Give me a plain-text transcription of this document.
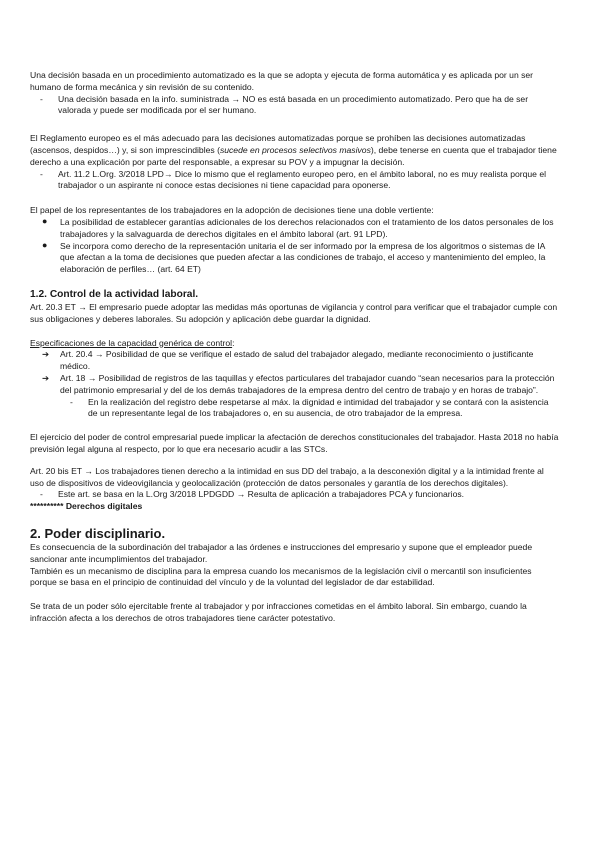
Una decisión basada en un procedimiento automatizado es la que se adopta y ejecuta de forma automática y es aplicada por un ser humano de forma mecánica y sin revisión de su contenido.

- Una decisión basada en la info. suministrada → NO es está basada en un procedimiento automatizado. Pero que ha de ser valorada y puede ser modificada por el ser humano.

El Reglamento europeo es el más adecuado para las decisiones automatizadas porque se prohíben las decisiones automatizadas (ascensos, despidos…) y, si son imprescindibles (sucede en procesos selectivos masivos), debe tenerse en cuenta que el trabajador tiene derecho a una explicación por parte del responsable, a expresar su POV y a impugnar la decisión.

- Art. 11.2 L.Org. 3/2018 LPD→ Dice lo mismo que el reglamento europeo pero, en el ámbito laboral, no es muy realista porque el trabajador o un aspirante ni conoce estas decisiones ni tiene capacidad para oponerse.

El papel de los representantes de los trabajadores en la adopción de decisiones tiene una doble vertiente:

● La posibilidad de establecer garantías adicionales de los derechos relacionados con el tratamiento de los datos personales de los trabajadores y la salvaguarda de derechos digitales en el ámbito laboral (art. 91 LPD).
● Se incorpora como derecho de la representación unitaria el de ser informado por la empresa de los algoritmos o sistemas de IA que afectan a la toma de decisiones que pueden afectar a las condiciones de trabajo, el acceso y mantenimiento del empleo, la elaboración de perfiles… (art. 64 ET)
1.2. Control de la actividad laboral.

Art. 20.3 ET → El empresario puede adoptar las medidas más oportunas de vigilancia y control para verificar que el trabajador cumple con sus obligaciones y deberes laborales. Su adopción y aplicación debe guardar la dignidad.

Especificaciones de la capacidad genérica de control:

➔ Art. 20.4 → Posibilidad de que se verifique el estado de salud del trabajador alegado, mediante reconocimiento o justificante médico.
➔ Art. 18 → Posibilidad de registros de las taquillas y efectos particulares del trabajador cuando “sean necesarios para la protección del patrimonio empresarial y del de los demás trabajadores de la empresa dentro del centro de trabajo y en horas de trabajo”.
- En la realización del registro debe respetarse al máx. la dignidad e intimidad del trabajador y se contará con la asistencia de un representante legal de los trabajadores o, en su ausencia, de otro trabajador de la empresa.

El ejercicio del poder de control empresarial puede implicar la afectación de derechos constitucionales del trabajador. Hasta 2018 no había previsión legal alguna al respecto, por lo que era necesario acudir a las STCs.

Art. 20 bis ET → Los trabajadores tienen derecho a la intimidad en sus DD del trabajo, a la desconexión digital y a la intimidad frente al uso de dispositivos de videovigilancia y geolocalización (protección de datos personales y garantía de los derechos digitales).

- Este art. se basa en la L.Org 3/2018 LPDGDD → Resulta de aplicación a trabajadores PCA y funcionarios.

********** Derechos digitales

2. Poder disciplinario.

Es consecuencia de la subordinación del trabajador a las órdenes e instrucciones del empresario y supone que el empleador puede sancionar ante incumplimientos del trabajador.

También es un mecanismo de disciplina para la empresa cuando los mecanismos de la legislación civil o mercantil son insuficientes porque se basa en el principio de continuidad del vínculo y de la voluntad del legislador de dar estabilidad.

Se trata de un poder sólo ejercitable frente al trabajador y por infracciones cometidas en el ámbito laboral. Sin embargo, cuando la infracción afecta a los derechos de otros trabajadores tiene carácter potestativo.
